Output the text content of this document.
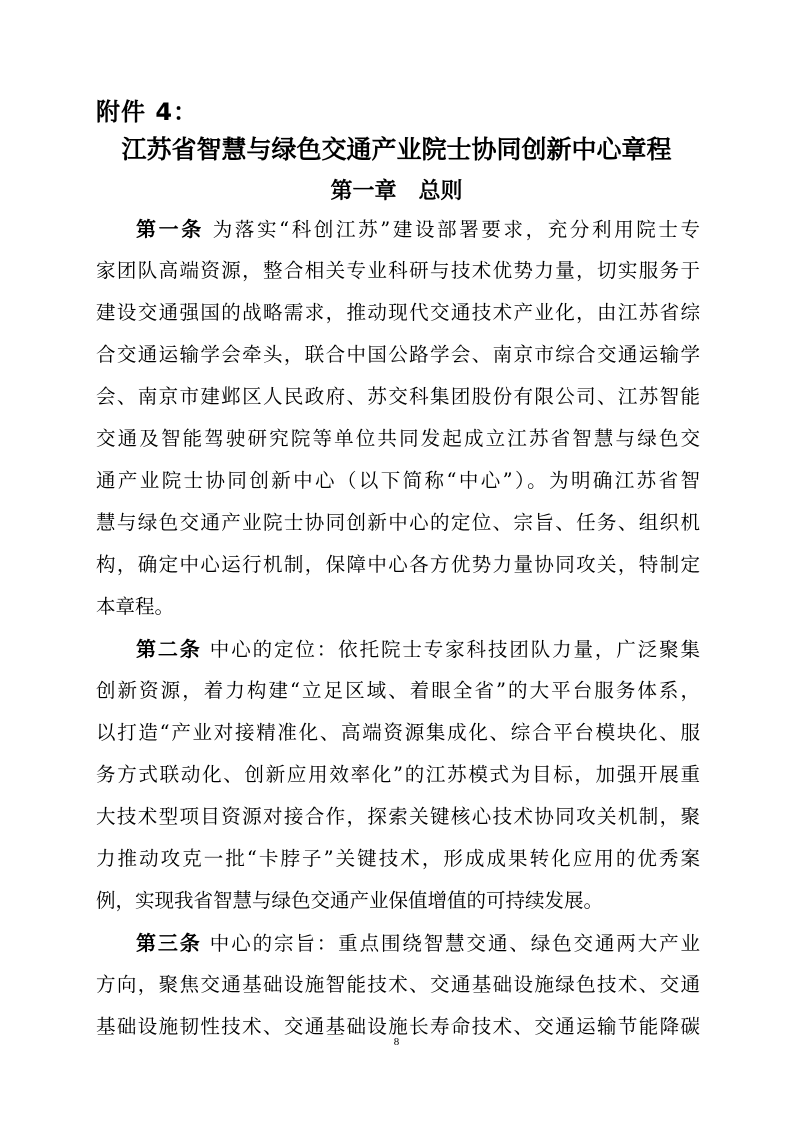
附件 4：
江苏省智慧与绿色交通产业院士协同创新中心章程
第一章　总则
第一条 为落实“科创江苏”建设部署要求，充分利用院士专
家团队高端资源，整合相关专业科研与技术优势力量，切实服务于
建设交通强国的战略需求，推动现代交通技术产业化，由江苏省综
合交通运输学会牵头，联合中国公路学会、南京市综合交通运输学
会、南京市建邺区人民政府、苏交科集团股份有限公司、江苏智能
交通及智能驾驶研究院等单位共同发起成立江苏省智慧与绿色交
通产业院士协同创新中心（以下简称“中心”）。为明确江苏省智
慧与绿色交通产业院士协同创新中心的定位、宗旨、任务、组织机
构，确定中心运行机制，保障中心各方优势力量协同攻关，特制定
本章程。
第二条 中心的定位：依托院士专家科技团队力量，广泛聚集
创新资源，着力构建“立足区域、着眼全省”的大平台服务体系，
以打造“产业对接精准化、高端资源集成化、综合平台模块化、服
务方式联动化、创新应用效率化”的江苏模式为目标，加强开展重
大技术型项目资源对接合作，探索关键核心技术协同攻关机制，聚
力推动攻克一批“卡脖子”关键技术，形成成果转化应用的优秀案
例，实现我省智慧与绿色交通产业保值增值的可持续发展。
第三条 中心的宗旨：重点围绕智慧交通、绿色交通两大产业
方向，聚焦交通基础设施智能技术、交通基础设施绿色技术、交通
基础设施韧性技术、交通基础设施长寿命技术、交通运输节能降碳
8
